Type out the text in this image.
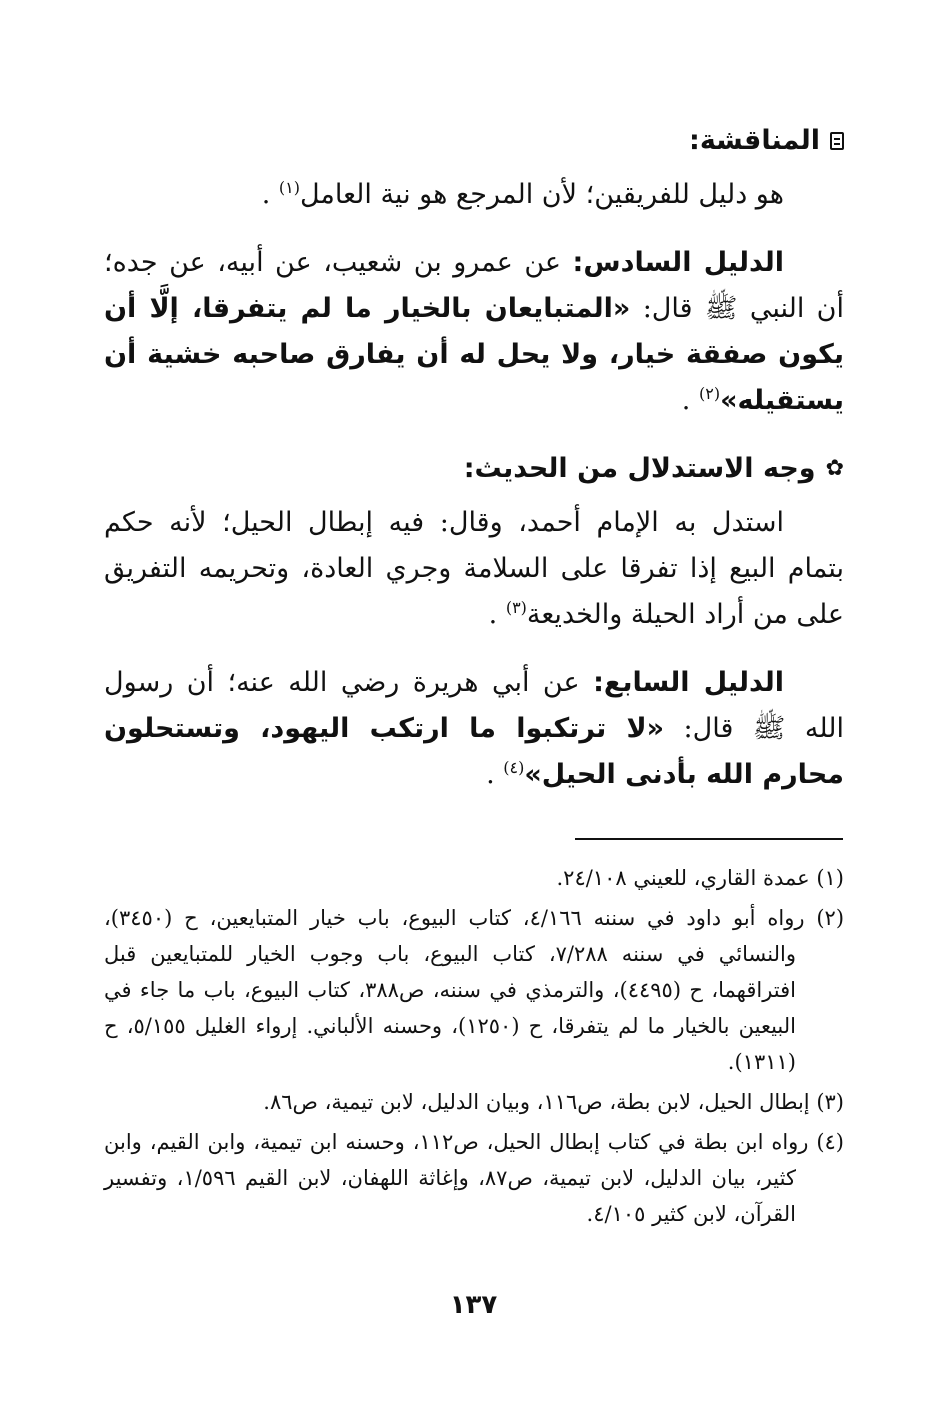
المناقشة:

هو دليل للفريقين؛ لأن المرجع هو نية العامل$^{(١)}$ .

الدليل السادس: عن عمرو بن شعيب، عن أبيه، عن جده؛ أن النبي ﷺ قال: «المتبايعان بالخيار ما لم يتفرقا، إلَّا أن يكون صفقة خيار، ولا يحل له أن يفارق صاحبه خشية أن يستقيله»$^{(٢)}$ .

✿
وجه الاستدلال من الحديث:

استدل به الإمام أحمد، وقال: فيه إبطال الحيل؛ لأنه حكم بتمام البيع إذا تفرقا على السلامة وجري العادة، وتحريمه التفريق على من أراد الحيلة والخديعة$^{(٣)}$ .

الدليل السابع: عن أبي هريرة رضي الله عنه؛ أن رسول الله ﷺ قال: «لا ترتكبوا ما ارتكب اليهود، وتستحلون محارم الله بأدنى الحيل»$^{(٤)}$ .

(١) عمدة القاري، للعيني ٢٤/١٠٨.

(٢) رواه أبو داود في سننه ٤/١٦٦، كتاب البيوع، باب خيار المتبايعين، ح (٣٤٥٠)، والنسائي في سننه ٧/٢٨٨، كتاب البيوع، باب وجوب الخيار للمتبايعين قبل افتراقهما، ح (٤٤٩٥)، والترمذي في سننه، ص٣٨٨، كتاب البيوع، باب ما جاء في البيعين بالخيار ما لم يتفرقا، ح (١٢٥٠)، وحسنه الألباني. إرواء الغليل ٥/١٥٥، ح (١٣١١).

(٣) إبطال الحيل، لابن بطة، ص١١٦، وبيان الدليل، لابن تيمية، ص٨٦.

(٤) رواه ابن بطة في كتاب إبطال الحيل، ص١١٢، وحسنه ابن تيمية، وابن القيم، وابن كثير، بيان الدليل، لابن تيمية، ص٨٧، وإغاثة اللهفان، لابن القيم ١/٥٩٦، وتفسير القرآن، لابن كثير ٤/١٠٥.

١٣٧
